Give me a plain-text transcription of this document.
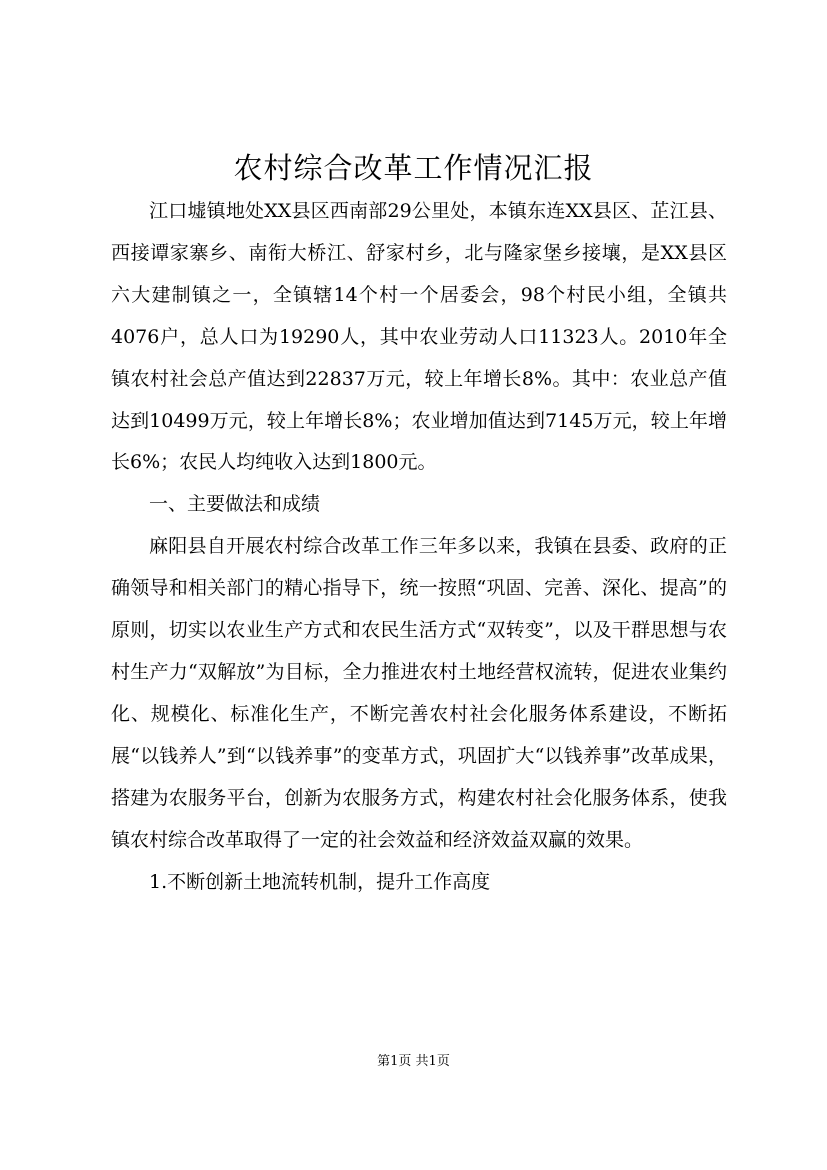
农村综合改革工作情况汇报

江口墟镇地处XX县区西南部29公里处，本镇东连XX县区、芷江县、西接谭家寨乡、南衔大桥江、舒家村乡，北与隆家堡乡接壤，是XX县区六大建制镇之一，全镇辖14个村一个居委会，98个村民小组，全镇共4076户，总人口为19290人，其中农业劳动人口11323人。2010年全镇农村社会总产值达到22837万元，较上年增长8%。其中：农业总产值达到10499万元，较上年增长8%；农业增加值达到7145万元，较上年增长6%；农民人均纯收入达到1800元。

一、主要做法和成绩

麻阳县自开展农村综合改革工作三年多以来，我镇在县委、政府的正确领导和相关部门的精心指导下，统一按照“巩固、完善、深化、提高”的原则，切实以农业生产方式和农民生活方式“双转变”，以及干群思想与农村生产力“双解放”为目标，全力推进农村土地经营权流转，促进农业集约化、规模化、标准化生产，不断完善农村社会化服务体系建设，不断拓展“以钱养人”到“以钱养事”的变革方式，巩固扩大“以钱养事”改革成果，搭建为农服务平台，创新为农服务方式，构建农村社会化服务体系，使我镇农村综合改革取得了一定的社会效益和经济效益双赢的效果。

1.不断创新土地流转机制，提升工作高度

第1页 共1页
